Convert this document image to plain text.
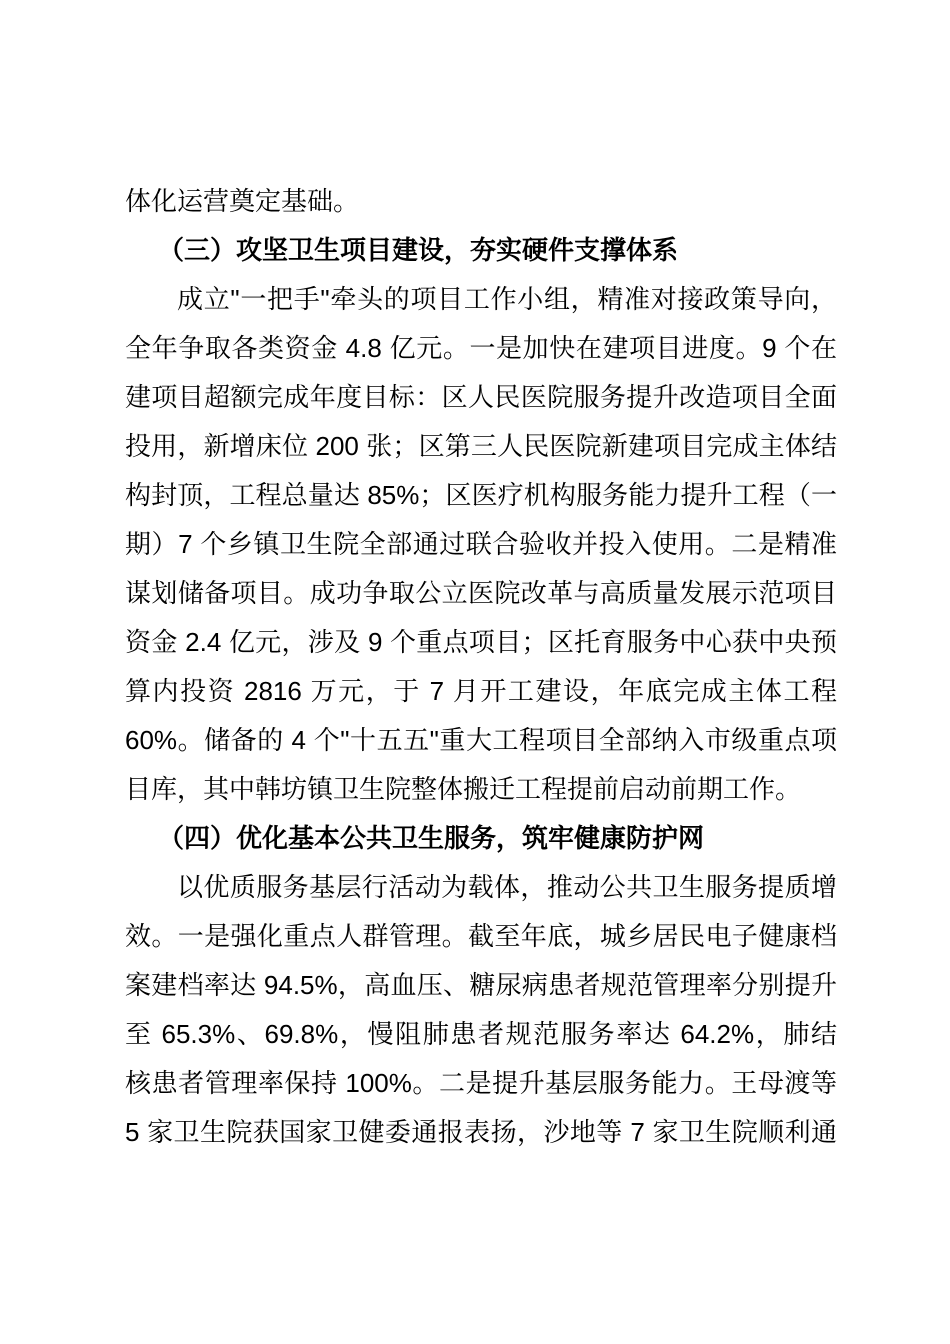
体化运营奠定基础。
（三）攻坚卫生项目建设，夯实硬件支撑体系
成立"一把手"牵头的项目工作小组，精准对接政策导向，
全年争取各类资金 4.8 亿元。一是加快在建项目进度。9 个在
建项目超额完成年度目标：区人民医院服务提升改造项目全面
投用，新增床位 200 张；区第三人民医院新建项目完成主体结
构封顶，工程总量达 85%；区医疗机构服务能力提升工程（一
期）7 个乡镇卫生院全部通过联合验收并投入使用。二是精准
谋划储备项目。成功争取公立医院改革与高质量发展示范项目
资金 2.4 亿元，涉及 9 个重点项目；区托育服务中心获中央预
算内投资 2816 万元，于 7 月开工建设，年底完成主体工程
60%。储备的 4 个"十五五"重大工程项目全部纳入市级重点项
目库，其中韩坊镇卫生院整体搬迁工程提前启动前期工作。
（四）优化基本公共卫生服务，筑牢健康防护网
以优质服务基层行活动为载体，推动公共卫生服务提质增
效。一是强化重点人群管理。截至年底，城乡居民电子健康档
案建档率达 94.5%，高血压、糖尿病患者规范管理率分别提升
至 65.3%、69.8%，慢阻肺患者规范服务率达 64.2%，肺结
核患者管理率保持 100%。二是提升基层服务能力。王母渡等
5 家卫生院获国家卫健委通报表扬，沙地等 7 家卫生院顺利通
